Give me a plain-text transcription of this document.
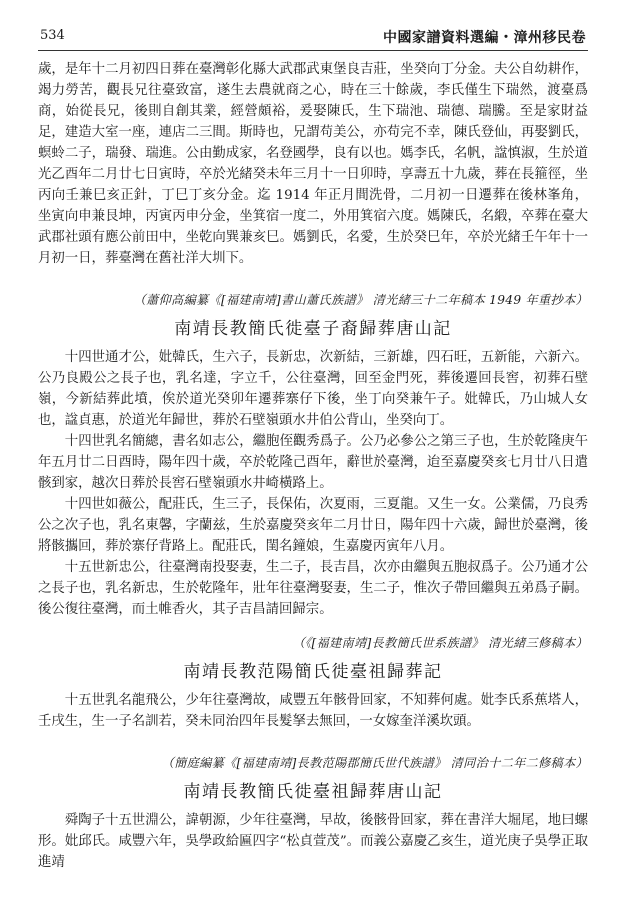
534	中國家譜資料選編・漳州移民卷

歲，是年十二月初四日葬在臺灣彰化縣大武郡武東堡良吉莊，坐癸向丁分金。夫公自幼耕作，竭力勞苦，觀長兄往臺致富，遂生去農就商之心，時在三十餘歲，李氏僅生下瑞然，渡臺爲商，始從長兄，後則自創其業，經營頗裕，爰娶陳氏，生下瑞池、瑞德、瑞騰。至是家財益足，建造大室一座，連店二三間。斯時也，兄謂苟美公，亦苟完不幸，陳氏登仙，再娶劉氏，螟蛉二子，瑞發、瑞進。公由勤成家，名登國學，良有以也。媽李氏，名帆，諡慎淑，生於道光乙酉年二月廿七日寅時，卒於光緒癸未年三月十一日卯時，享壽五十九歲，葬在長箍徑，坐丙向壬兼巳亥正針，丁巳丁亥分金。迄 1914 年正月間洗骨，二月初一日遷葬在後林峯角，坐寅向申兼艮坤，丙寅丙申分金，坐箕宿一度二，外用箕宿六度。媽陳氏，名緞，卒葬在臺大武郡社頭有應公前田中，坐乾向巽兼亥巳。媽劉氏，名愛，生於癸巳年，卒於光緒壬午年十一月初一日，葬臺灣在舊社洋大圳下。

（蕭仰高編纂《[福建南靖]書山蕭氏族譜》 清光緒三十二年稿本 1949 年重抄本）

南靖長教簡氏徙臺子裔歸葬唐山記

十四世通才公，妣韓氏，生六子，長新忠，次新結，三新雄，四石旺，五新能，六新六。公乃良殿公之長子也，乳名達，字立千，公往臺灣，回至金門死，葬後遷回長窖，初葬石壁嶺，今新結葬此墳，俟於道光癸卯年遷葬寨仔下後，坐丁向癸兼午子。妣韓氏，乃山城人女也，諡貞惠，於道光年歸世，葬於石壁嶺頭水井伯公背山，坐癸向丁。

十四世乳名簡總，書名如志公，繼胞侄觀秀爲子。公乃必參公之第三子也，生於乾隆庚午年五月廿二日酉時，陽年四十歲，卒於乾隆己酉年，辭世於臺灣，迨至嘉慶癸亥七月廿八日遣骸到家，越次日葬於長窖石壁嶺頭水井崎橫路上。

十四世如薇公，配莊氏，生三子，長保佑，次夏雨，三夏龍。又生一女。公業儒，乃良秀公之次子也，乳名東馨，字蘭兹，生於嘉慶癸亥年二月廿日，陽年四十六歲，歸世於臺灣，後將骸攜回，葬於寨仔背路上。配莊氏，閨名鐘娘，生嘉慶丙寅年八月。

十五世新忠公，往臺灣南投娶妻，生二子，長吉昌，次亦由繼與五胞叔爲子。公乃通才公之長子也，乳名新忠，生於乾隆年，壯年往臺灣娶妻，生二子，惟次子帶回繼與五弟爲子嗣。後公復往臺灣，而土帷香火，其子吉昌請回歸宗。

（《[福建南靖]長教簡氏世系族譜》 清光緒三修稿本）

南靖長教范陽簡氏徙臺祖歸葬記

十五世乳名龍飛公，少年往臺灣故，咸豐五年骸骨回家，不知葬何處。妣李氏系蕉塔人，壬戌生，生一子名訓若，癸未同治四年長髮拏去無回，一女嫁奎洋溪坎頭。

（簡庭編纂《[福建南靖]長教范陽郡簡氏世代族譜》 清同治十二年二修稿本）

南靖長教簡氏徙臺祖歸葬唐山記

舜陶子十五世淵公，諱朝源，少年往臺灣，早故，後骸骨回家，葬在書洋大堀尾，地曰螺形。妣邱氏。咸豐六年，吳學政給匾四字“松貞萱茂”。而義公嘉慶乙亥生，道光庚子吳學正取進靖
